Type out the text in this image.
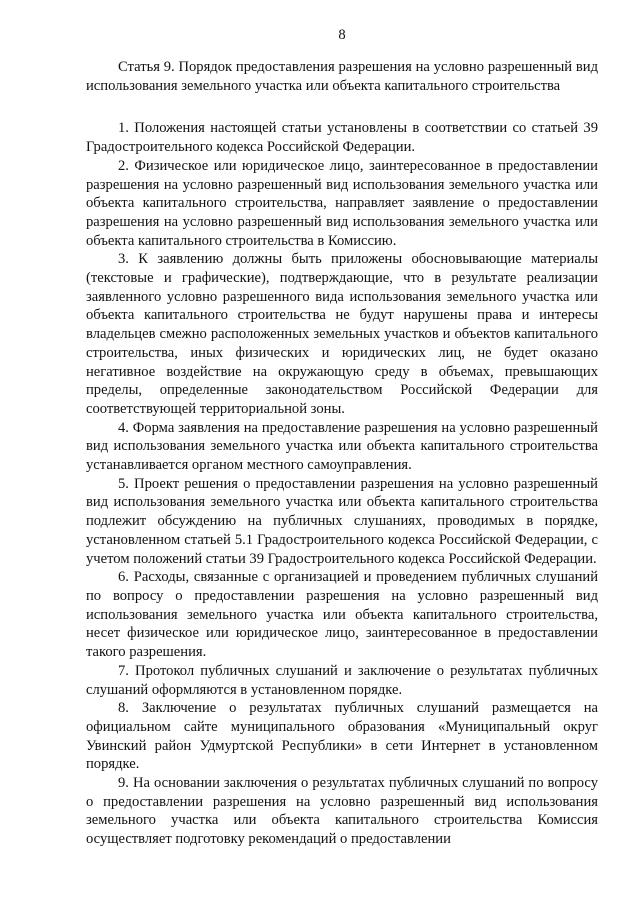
8
Статья 9. Порядок предоставления разрешения на условно разрешенный вид использования земельного участка или объекта капитального строительства

1. Положения настоящей статьи установлены в соответствии со статьей 39 Градостроительного кодекса Российской Федерации.

2. Физическое или юридическое лицо, заинтересованное в предоставлении разрешения на условно разрешенный вид использования земельного участка или объекта капитального строительства, направляет заявление о предоставлении разрешения на условно разрешенный вид использования земельного участка или объекта капитального строительства в Комиссию.

3. К заявлению должны быть приложены обосновывающие материалы (текстовые и графические), подтверждающие, что в результате реализации заявленного условно разрешенного вида использования земельного участка или объекта капитального строительства не будут нарушены права и интересы владельцев смежно расположенных земельных участков и объектов капитального строительства, иных физических и юридических лиц, не будет оказано негативное воздействие на окружающую среду в объемах, превышающих пределы, определенные законодательством Российской Федерации для соответствующей территориальной зоны.

4. Форма заявления на предоставление разрешения на условно разрешенный вид использования земельного участка или объекта капитального строительства устанавливается органом местного самоуправления.

5. Проект решения о предоставлении разрешения на условно разрешенный вид использования земельного участка или объекта капитального строительства подлежит обсуждению на публичных слушаниях, проводимых в порядке, установленном статьей 5.1 Градостроительного кодекса Российской Федерации, с учетом положений статьи 39 Градостроительного кодекса Российской Федерации.

6. Расходы, связанные с организацией и проведением публичных слушаний по вопросу о предоставлении разрешения на условно разрешенный вид использования земельного участка или объекта капитального строительства, несет физическое или юридическое лицо, заинтересованное в предоставлении такого разрешения.

7. Протокол публичных слушаний и заключение о результатах публичных слушаний оформляются в установленном порядке.

8. Заключение о результатах публичных слушаний размещается на официальном сайте муниципального образования «Муниципальный округ Увинский район Удмуртской Республики» в сети Интернет в установленном порядке.

9. На основании заключения о результатах публичных слушаний по вопросу о предоставлении разрешения на условно разрешенный вид использования земельного участка или объекта капитального строительства Комиссия осуществляет подготовку рекомендаций о предоставлении
